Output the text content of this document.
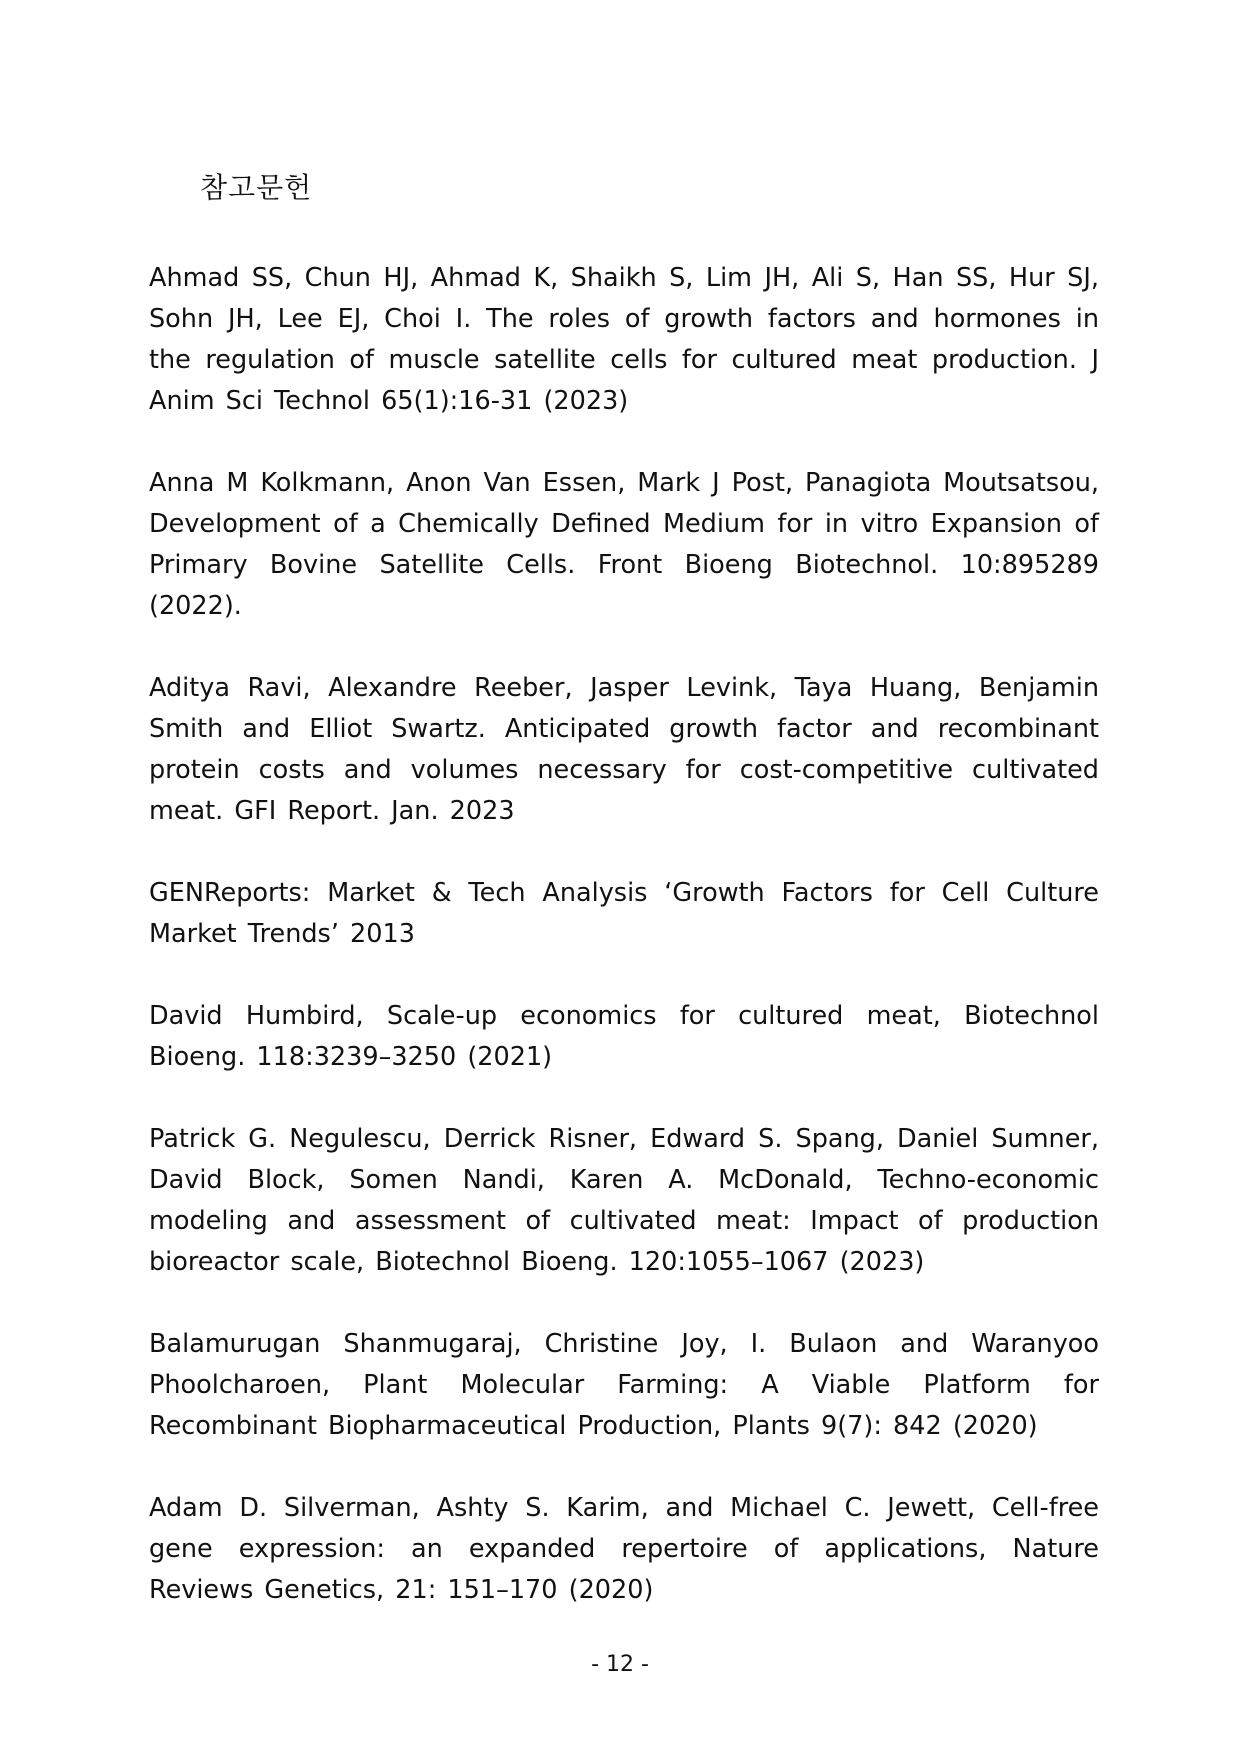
참고문헌
Ahmad SS, Chun HJ, Ahmad K, Shaikh S, Lim JH, Ali S, Han SS, Hur SJ, Sohn JH, Lee EJ, Choi I. The roles of growth factors and hormones in the regulation of muscle satellite cells for cultured meat production. J Anim Sci Technol 65(1):16-31 (2023)
Anna M Kolkmann, Anon Van Essen, Mark J Post, Panagiota Moutsatsou, Development of a Chemically Defined Medium for in vitro Expansion of Primary Bovine Satellite Cells. Front Bioeng Biotechnol. 10:895289 (2022).
Aditya Ravi, Alexandre Reeber, Jasper Levink, Taya Huang, Benjamin Smith and Elliot Swartz. Anticipated growth factor and recombinant protein costs and volumes necessary for cost-competitive cultivated meat. GFI Report. Jan. 2023
GENReports: Market & Tech Analysis ‘Growth Factors for Cell Culture Market Trends’ 2013
David Humbird, Scale-up economics for cultured meat, Biotechnol Bioeng. 118:3239–3250 (2021)
Patrick G. Negulescu, Derrick Risner, Edward S. Spang, Daniel Sumner, David Block, Somen Nandi, Karen A. McDonald, Techno-economic modeling and assessment of cultivated meat: Impact of production bioreactor scale, Biotechnol Bioeng. 120:1055–1067 (2023)
Balamurugan Shanmugaraj, Christine Joy, I. Bulaon and Waranyoo Phoolcharoen, Plant Molecular Farming: A Viable Platform for Recombinant Biopharmaceutical Production, Plants 9(7): 842 (2020)
Adam D. Silverman, Ashty S. Karim, and Michael C. Jewett, Cell-free gene expression: an expanded repertoire of applications, Nature Reviews Genetics, 21: 151–170 (2020)
- 12 -
